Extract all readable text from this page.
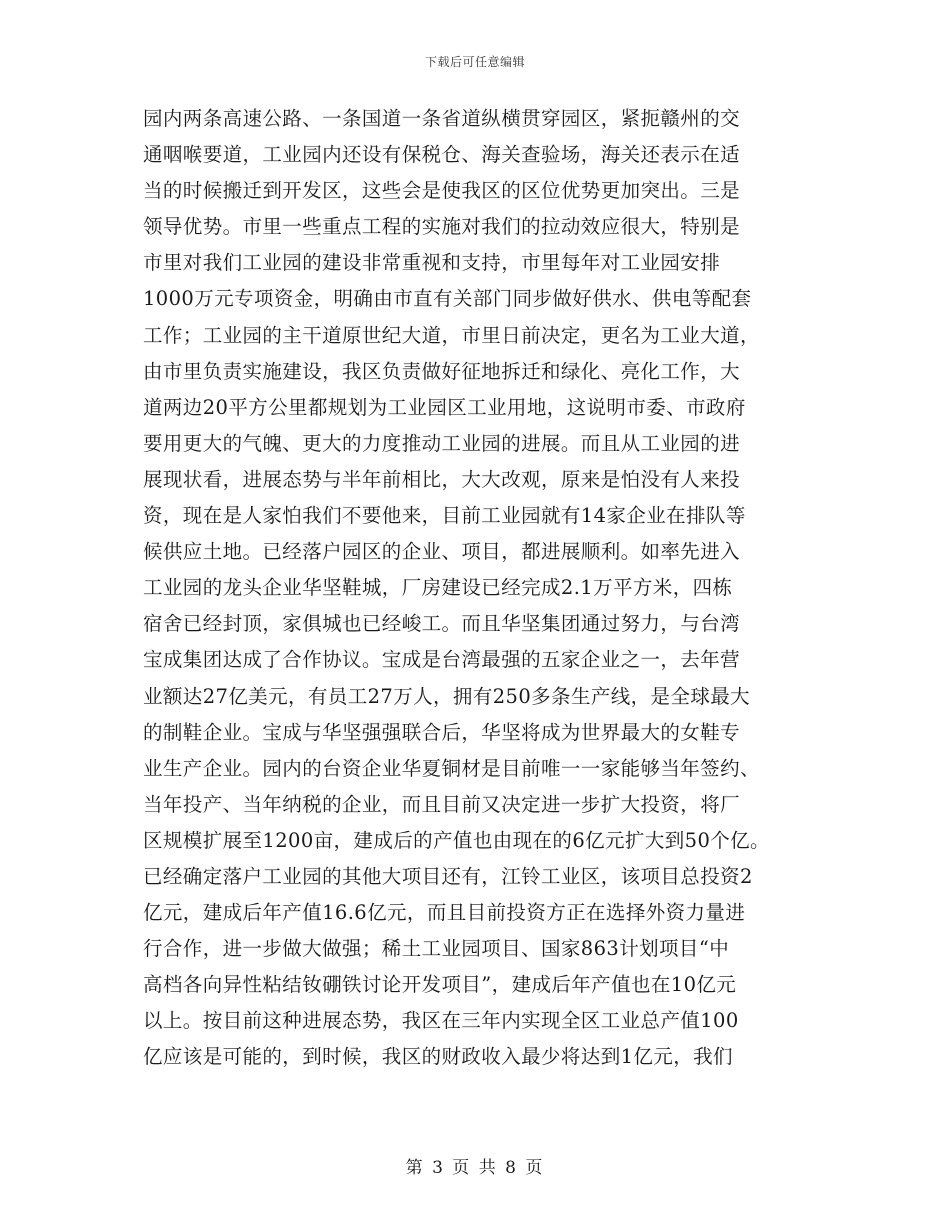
下载后可任意编辑
园内两条高速公路、一条国道一条省道纵横贯穿园区，紧扼赣州的交
通咽喉要道，工业园内还设有保税仓、海关查验场，海关还表示在适
当的时候搬迁到开发区，这些会是使我区的区位优势更加突出。三是
领导优势。市里一些重点工程的实施对我们的拉动效应很大，特别是
市里对我们工业园的建设非常重视和支持，市里每年对工业园安排
1000万元专项资金，明确由市直有关部门同步做好供水、供电等配套
工作；工业园的主干道原世纪大道，市里日前决定，更名为工业大道，
由市里负责实施建设，我区负责做好征地拆迁和绿化、亮化工作，大
道两边20平方公里都规划为工业园区工业用地，这说明市委、市政府
要用更大的气魄、更大的力度推动工业园的进展。而且从工业园的进
展现状看，进展态势与半年前相比，大大改观，原来是怕没有人来投
资，现在是人家怕我们不要他来，目前工业园就有14家企业在排队等
候供应土地。已经落户园区的企业、项目，都进展顺利。如率先进入
工业园的龙头企业华坚鞋城，厂房建设已经完成2.1万平方米，四栋
宿舍已经封顶，家俱城也已经峻工。而且华坚集团通过努力，与台湾
宝成集团达成了合作协议。宝成是台湾最强的五家企业之一，去年营
业额达27亿美元，有员工27万人，拥有250多条生产线，是全球最大
的制鞋企业。宝成与华坚强强联合后，华坚将成为世界最大的女鞋专
业生产企业。园内的台资企业华夏铜材是目前唯一一家能够当年签约、
当年投产、当年纳税的企业，而且目前又决定进一步扩大投资，将厂
区规模扩展至1200亩，建成后的产值也由现在的6亿元扩大到50个亿。
已经确定落户工业园的其他大项目还有，江铃工业区，该项目总投资2
亿元，建成后年产值16.6亿元，而且目前投资方正在选择外资力量进
行合作，进一步做大做强；稀土工业园项目、国家863计划项目“中
高档各向异性粘结钕硼铁讨论开发项目”，建成后年产值也在10亿元
以上。按目前这种进展态势，我区在三年内实现全区工业总产值100
亿应该是可能的，到时候，我区的财政收入最少将达到1亿元，我们
第 3 页 共 8 页
